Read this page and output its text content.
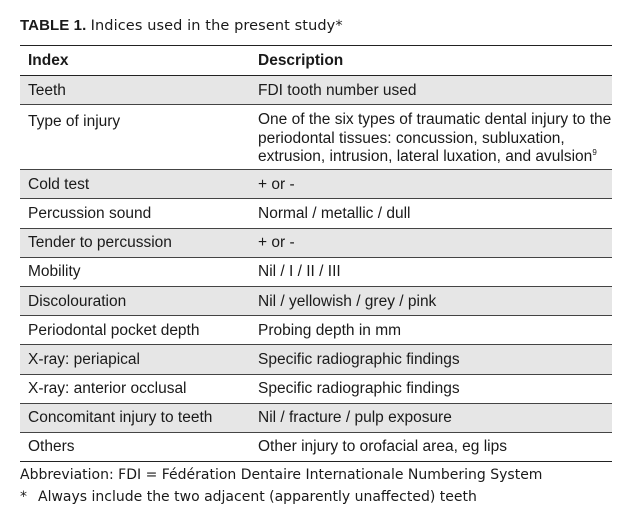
TABLE 1. Indices used in the present study*
Index	Description
Teeth	FDI tooth number used
Type of injury	One of the six types of traumatic dental injury to the periodontal tissues: concussion, subluxation, extrusion, intrusion, lateral luxation, and avulsion$^9$
Cold test	+ or -
Percussion sound	Normal / metallic / dull
Tender to percussion	+ or -
Mobility	Nil / I / II / III
Discolouration	Nil / yellowish / grey / pink
Periodontal pocket depth	Probing depth in mm
X-ray: periapical	Specific radiographic findings
X-ray: anterior occlusal	Specific radiographic findings
Concomitant injury to teeth	Nil / fracture / pulp exposure
Others	Other injury to orofacial area, eg lips
Abbreviation: FDI = Fédération Dentaire Internationale Numbering System
* Always include the two adjacent (apparently unaffected) teeth
